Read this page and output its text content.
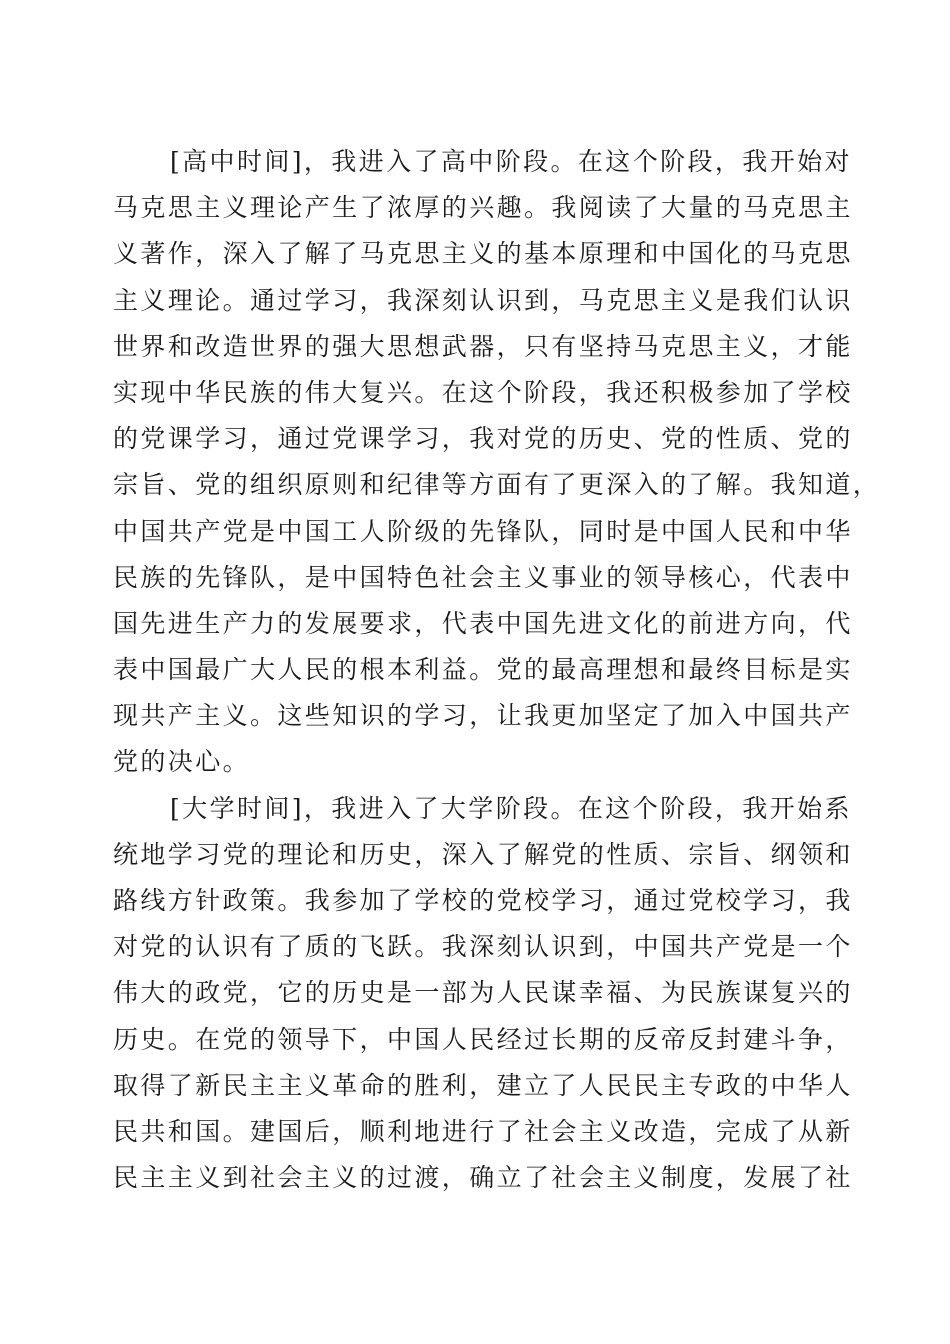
[高中时间]，我进入了高中阶段。在这个阶段，我开始对
马克思主义理论产生了浓厚的兴趣。我阅读了大量的马克思主
义著作，深入了解了马克思主义的基本原理和中国化的马克思
主义理论。通过学习，我深刻认识到，马克思主义是我们认识
世界和改造世界的强大思想武器，只有坚持马克思主义，才能
实现中华民族的伟大复兴。在这个阶段，我还积极参加了学校
的党课学习，通过党课学习，我对党的历史、党的性质、党的
宗旨、党的组织原则和纪律等方面有了更深入的了解。我知道，
中国共产党是中国工人阶级的先锋队，同时是中国人民和中华
民族的先锋队，是中国特色社会主义事业的领导核心，代表中
国先进生产力的发展要求，代表中国先进文化的前进方向，代
表中国最广大人民的根本利益。党的最高理想和最终目标是实
现共产主义。这些知识的学习，让我更加坚定了加入中国共产
党的决心。
[大学时间]，我进入了大学阶段。在这个阶段，我开始系
统地学习党的理论和历史，深入了解党的性质、宗旨、纲领和
路线方针政策。我参加了学校的党校学习，通过党校学习，我
对党的认识有了质的飞跃。我深刻认识到，中国共产党是一个
伟大的政党，它的历史是一部为人民谋幸福、为民族谋复兴的
历史。在党的领导下，中国人民经过长期的反帝反封建斗争，
取得了新民主主义革命的胜利，建立了人民民主专政的中华人
民共和国。建国后，顺利地进行了社会主义改造，完成了从新
民主主义到社会主义的过渡，确立了社会主义制度，发展了社
